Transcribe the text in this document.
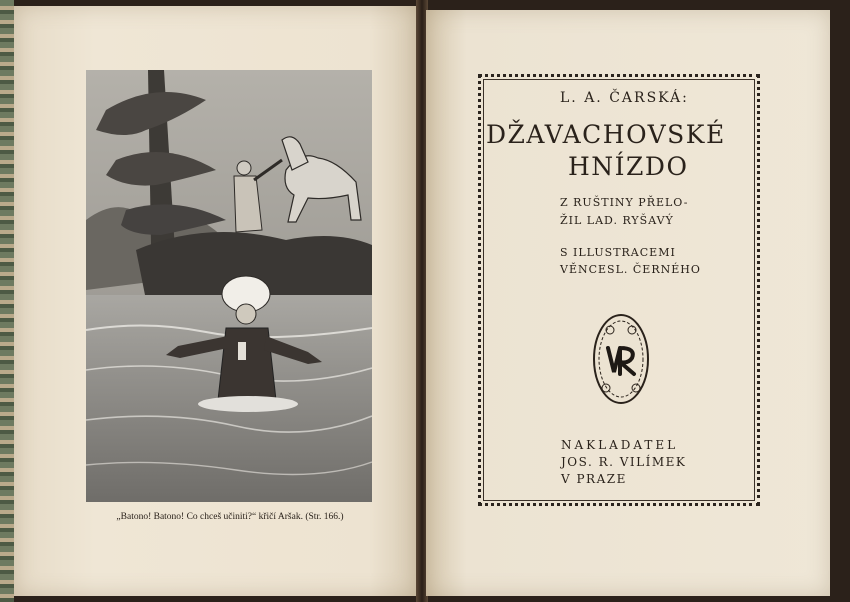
„Batono! Batono! Co chceš učiniti?“ křičí Aršak. (Str. 166.)
L. A. ČARSKÁ:
DŽAVACHOVSKÉ
HNÍZDO
Z RUŠTINY PŘELO-
ŽIL LAD. RYŠAVÝ
S ILLUSTRACEMI
VĚNCESL. ČERNÉHO
NAKLADATEL
JOS. R. VILÍMEK
V PRAZE
